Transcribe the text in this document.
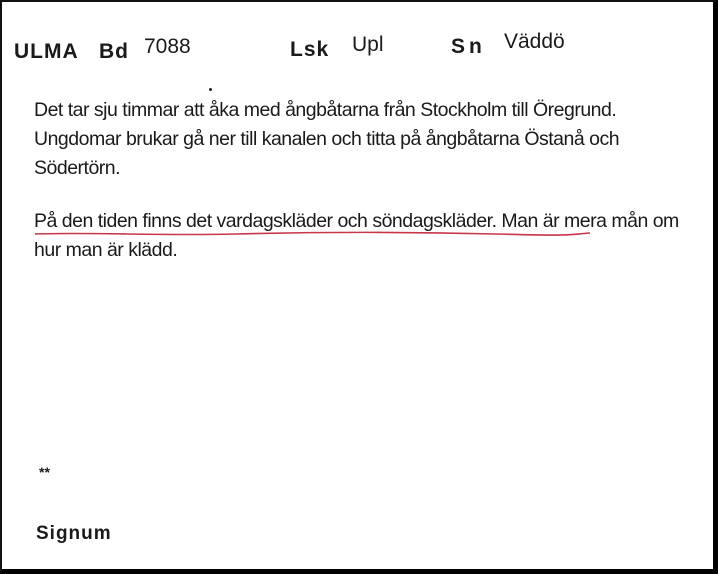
ULMA Bd 7088	Lsk Upl	Sn Väddö
Det tar sju timmar att åka med ångbåtarna från Stockholm till Öregrund. Ungdomar brukar gå ner till kanalen och titta på ångbåtarna Östanå och Södertörn.
På den tiden finns det vardagskläder och söndagskläder. Man är mera mån om hur man är klädd.
**
Signum
